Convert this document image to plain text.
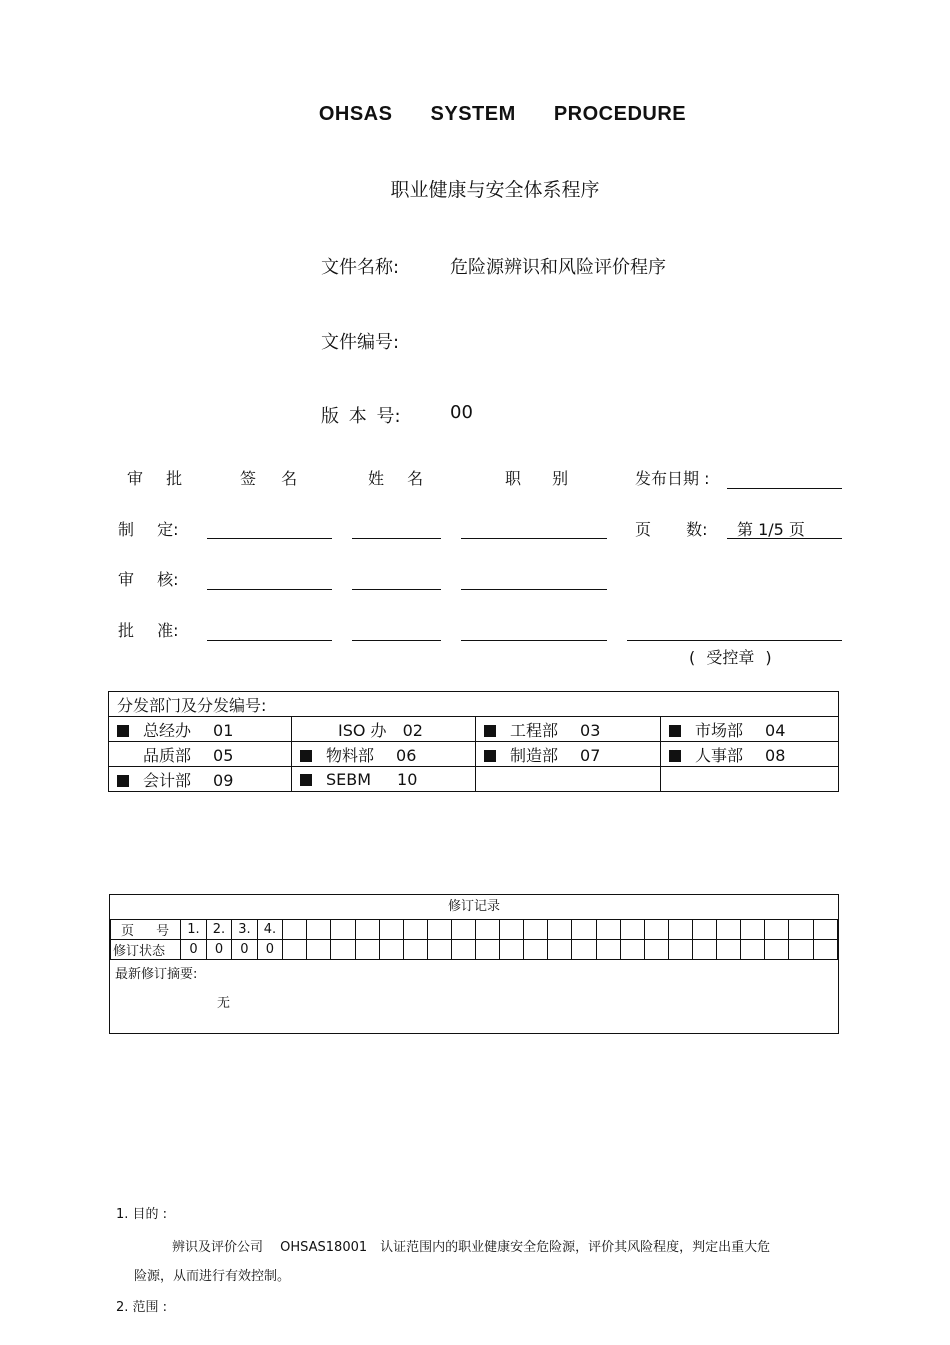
OHSAS SYSTEM PROCEDURE
职业健康与安全体系程序
文件名称:	危险源辨识和风险评价程序
文件编号:
版 本 号:	00
审 批	签 名	姓 名	职 别	发布日期 :
制 定:	页 数: 第 1/5 页
审 核:
批 准:
( 受控章 )
分发部门及分发编号:			
总经办 01	ISO 办 02	工程部 03	市场部 04
品质部 05	物料部 06	制造部 07	人事部 08
会计部 09	SEBM 10		
修订记录
页 号	1.	2.	3.	4.																							
修订状态	0	0	0	0																							
最新修订摘要:
无
1. 目的 :
辨识及评价公司　 OHSAS18001　认证范围内的职业健康安全危险源，评价其风险程度，判定出重大危
险源，从而进行有效控制。
2. 范围 :
